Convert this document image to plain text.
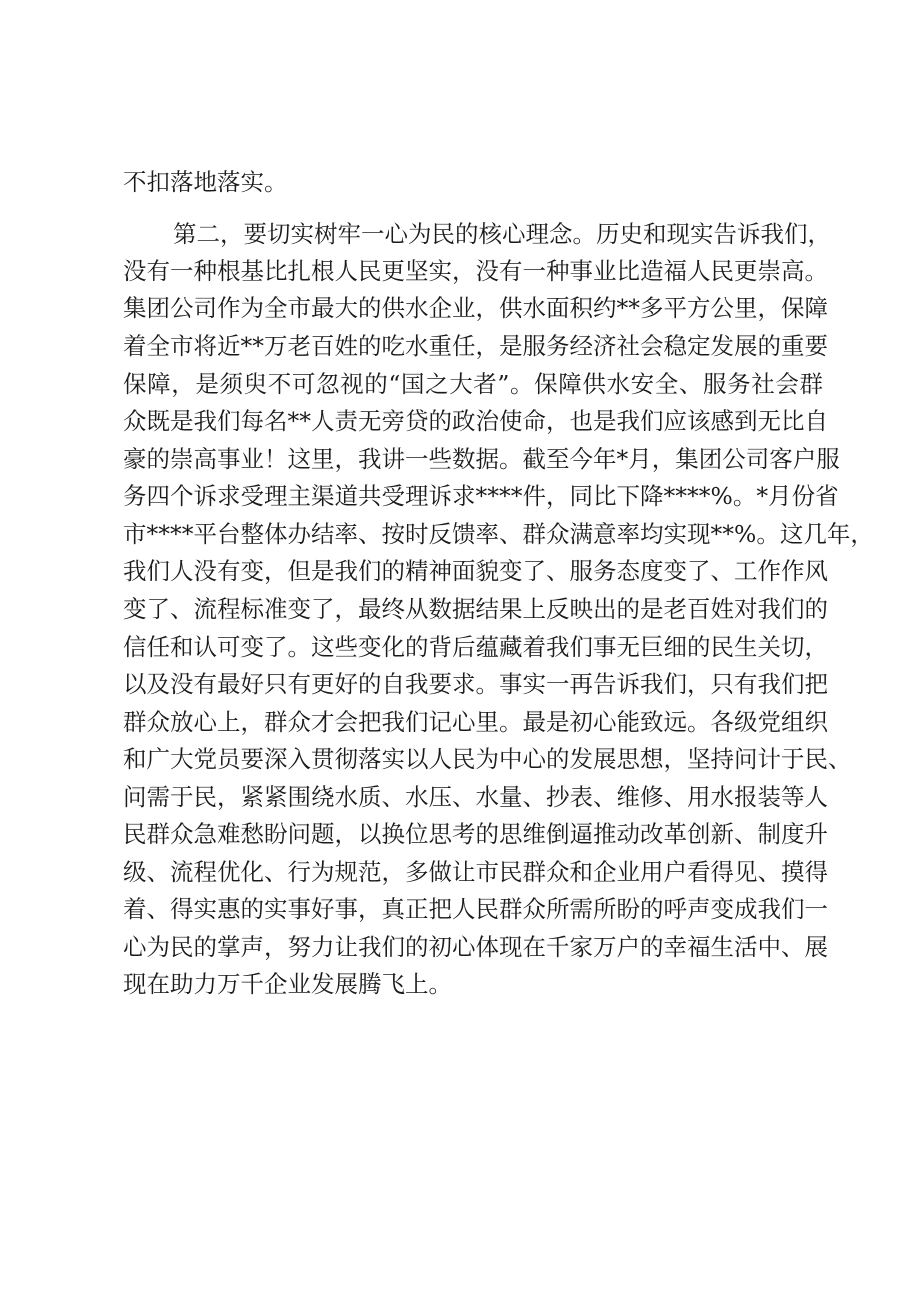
不扣落地落实。
第二，要切实树牢一心为民的核心理念。历史和现实告诉我们，
没有一种根基比扎根人民更坚实，没有一种事业比造福人民更崇高。
集团公司作为全市最大的供水企业，供水面积约**多平方公里，保障
着全市将近**万老百姓的吃水重任，是服务经济社会稳定发展的重要
保障，是须臾不可忽视的“国之大者”。保障供水安全、服务社会群
众既是我们每名**人责无旁贷的政治使命，也是我们应该感到无比自
豪的崇高事业！这里，我讲一些数据。截至今年*月，集团公司客户服
务四个诉求受理主渠道共受理诉求****件，同比下降****%。*月份省
市****平台整体办结率、按时反馈率、群众满意率均实现**%。这几年，
我们人没有变，但是我们的精神面貌变了、服务态度变了、工作作风
变了、流程标准变了，最终从数据结果上反映出的是老百姓对我们的
信任和认可变了。这些变化的背后蕴藏着我们事无巨细的民生关切，
以及没有最好只有更好的自我要求。事实一再告诉我们，只有我们把
群众放心上，群众才会把我们记心里。最是初心能致远。各级党组织
和广大党员要深入贯彻落实以人民为中心的发展思想，坚持问计于民、
问需于民，紧紧围绕水质、水压、水量、抄表、维修、用水报装等人
民群众急难愁盼问题，以换位思考的思维倒逼推动改革创新、制度升
级、流程优化、行为规范，多做让市民群众和企业用户看得见、摸得
着、得实惠的实事好事，真正把人民群众所需所盼的呼声变成我们一
心为民的掌声，努力让我们的初心体现在千家万户的幸福生活中、展
现在助力万千企业发展腾飞上。
